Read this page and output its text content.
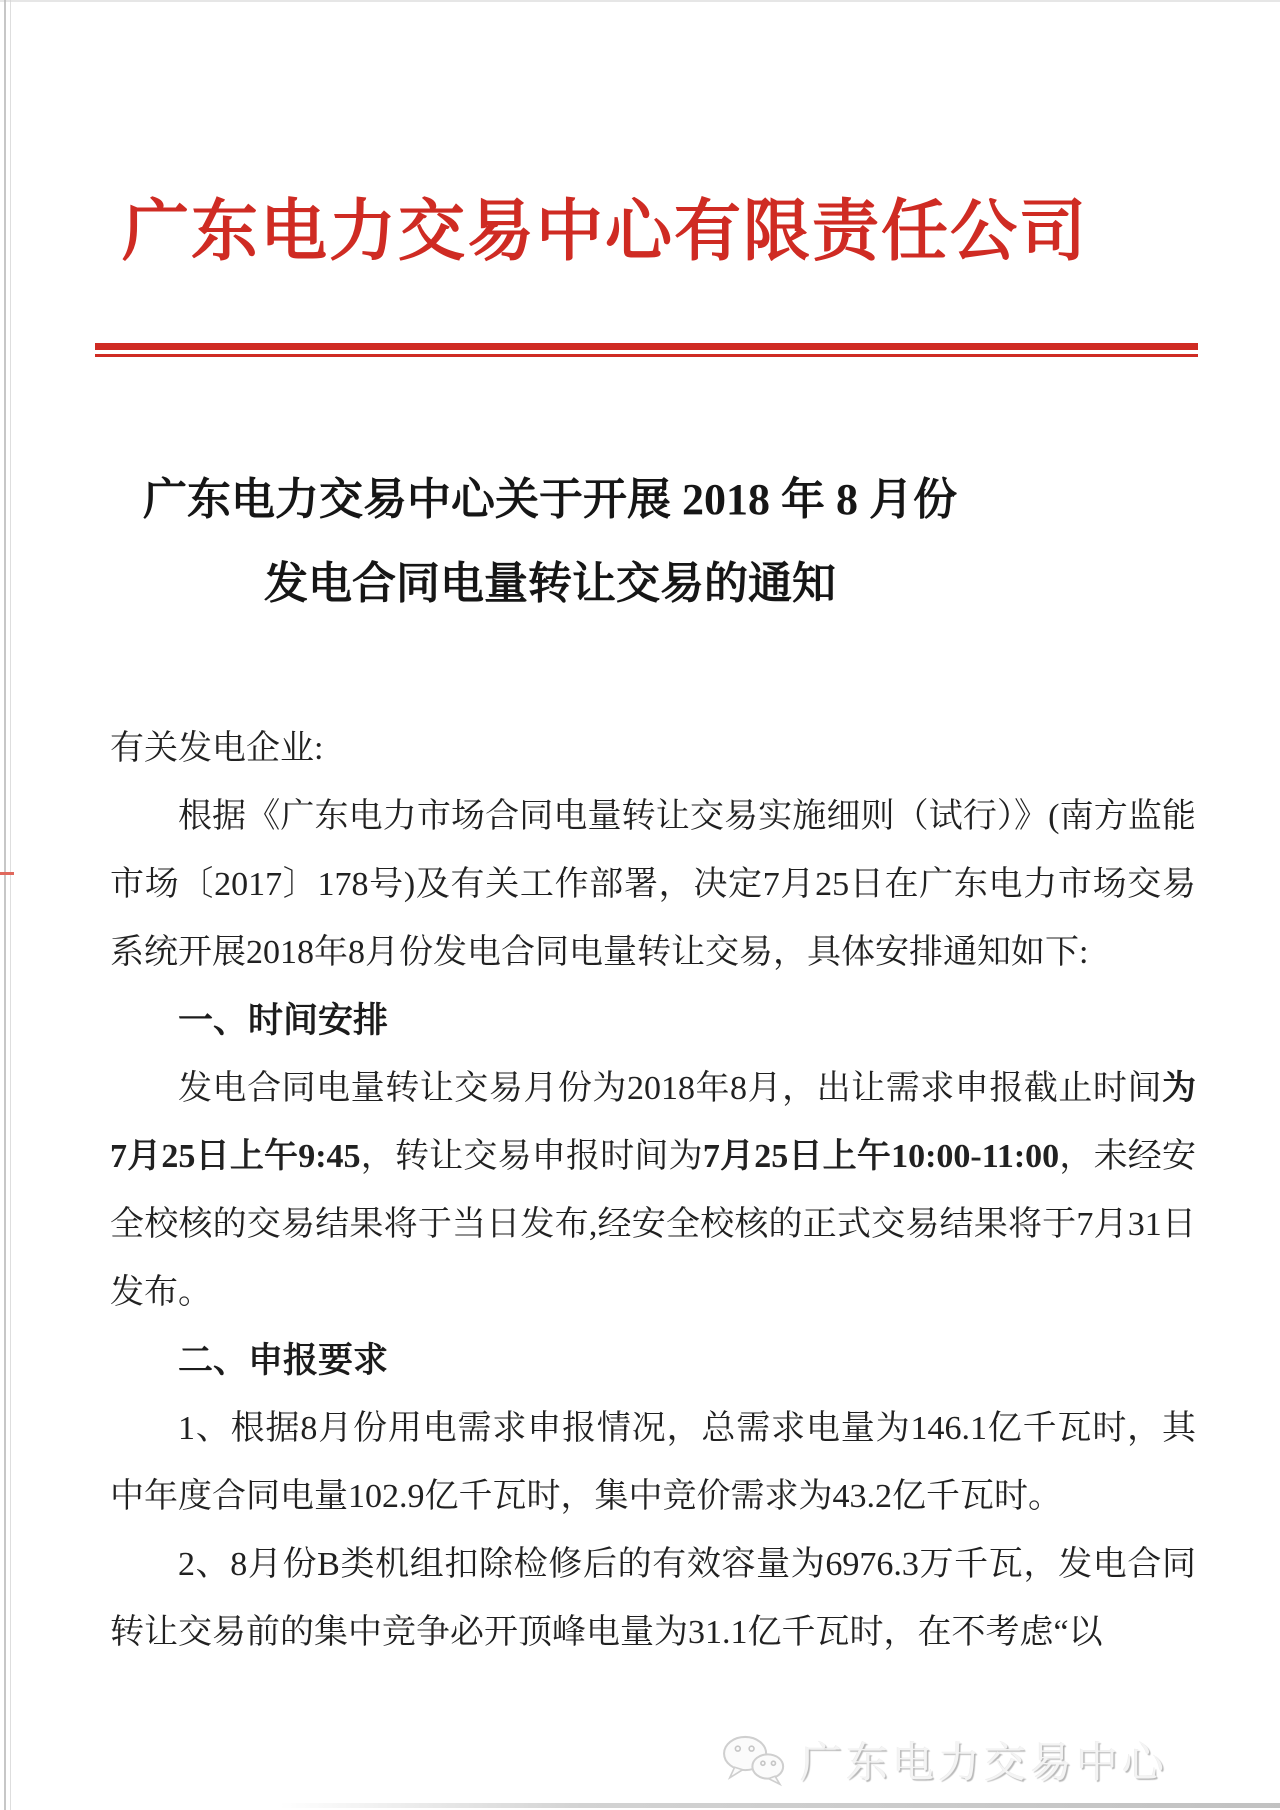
广东电力交易中心有限责任公司
广东电力交易中心关于开展 2018 年 8 月份
发电合同电量转让交易的通知

有关发电企业:

根据《广东电力市场合同电量转让交易实施细则（试行）》(南方监能市场〔2017〕178号)及有关工作部署，决定7月25日在广东电力市场交易系统开展2018年8月份发电合同电量转让交易，具体安排通知如下:

一、时间安排

发电合同电量转让交易月份为2018年8月，出让需求申报截止时间为7月25日上午9:45，转让交易申报时间为7月25日上午10:00-11:00，未经安全校核的交易结果将于当日发布,经安全校核的正式交易结果将于7月31日发布。

二、申报要求

1、根据8月份用电需求申报情况，总需求电量为146.1亿千瓦时，其中年度合同电量102.9亿千瓦时，集中竞价需求为43.2亿千瓦时。

2、8月份B类机组扣除检修后的有效容量为6976.3万千瓦，发电合同转让交易前的集中竞争必开顶峰电量为31.1亿千瓦时，在不考虑“以

广东电力交易中心
